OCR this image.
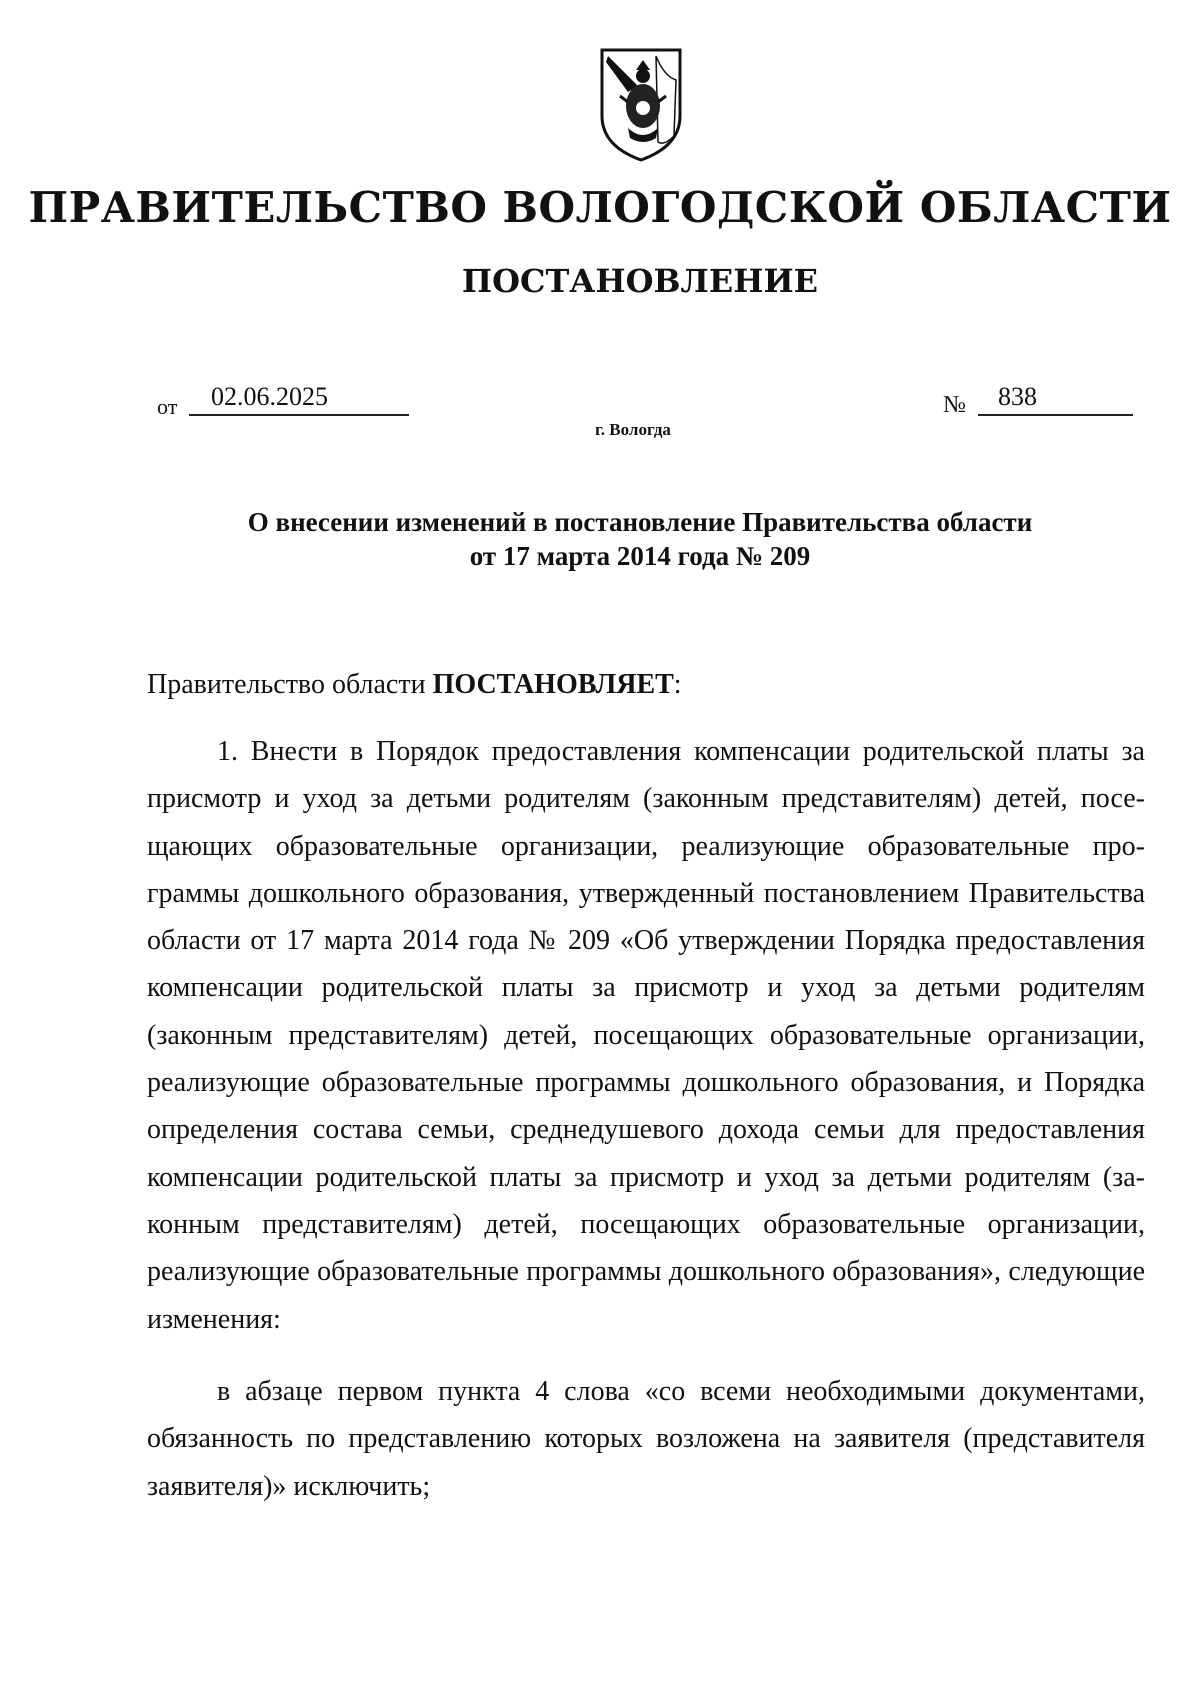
ПРАВИТЕЛЬСТВО ВОЛОГОДСКОЙ ОБЛАСТИ
ПОСТАНОВЛЕНИЕ
от	02.06.2025	№	838
г. Вологда
О внесении изменений в постановление Правительства области
от 17 марта 2014 года № 209
Правительство области ПОСТАНОВЛЯЕТ:

1. Внести в Порядок предоставления компенсации родительской платы за присмотр и уход за детьми родителям (законным представителям) детей, посещающих образовательные организации, реализующие образовательные программы дошкольного образования, утвержденный постановлением Правительства области от 17 марта 2014 года № 209 «Об утверждении Порядка предоставления компенсации родительской платы за присмотр и уход за детьми родителям (законным представителям) детей, посещающих образовательные организации, реализующие образовательные программы дошкольного образования, и Порядка определения состава семьи, среднедушевого дохода семьи для предоставления компенсации родительской платы за присмотр и уход за детьми родителям (законным представителям) детей, посещающих образовательные организации, реализующие образовательные программы дошкольного образования», следующие изменения:

в абзаце первом пункта 4 слова «со всеми необходимыми документами, обязанность по представлению которых возложена на заявителя (представителя заявителя)» исключить;
